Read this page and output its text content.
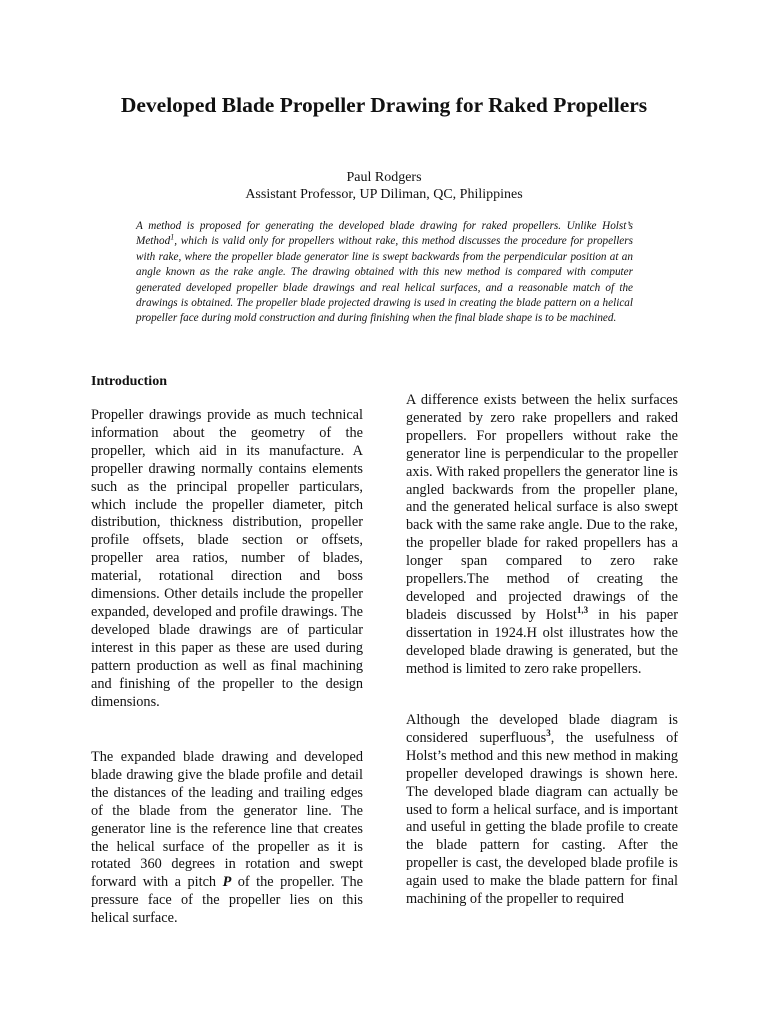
Developed Blade Propeller Drawing for Raked Propellers

Paul Rodgers

Assistant Professor, UP Diliman, QC, Philippines

A method is proposed for generating the developed blade drawing for raked propellers. Unlike Holst’s Method$^1$, which is valid only for propellers without rake, this method discusses the procedure for propellers with rake, where the propeller blade generator line is swept backwards from the perpendicular position at an angle known as the rake angle. The drawing obtained with this new method is compared with computer generated developed propeller blade drawings and real helical surfaces, and a reasonable match of the drawings is obtained. The propeller blade projected drawing is used in creating the blade pattern on a helical propeller face during mold construction and during finishing when the final blade shape is to be machined.

Introduction

Propeller drawings provide as much technical information about the geometry of the propeller, which aid in its manufacture. A propeller drawing normally contains elements such as the principal propeller particulars, which include the propeller diameter, pitch distribution, thickness distribution, propeller profile offsets, blade section or offsets, propeller area ratios, number of blades, material, rotational direction and boss dimensions. Other details include the propeller expanded, developed and profile drawings. The developed blade drawings are of particular interest in this paper as these are used during pattern production as well as final machining and finishing of the propeller to the design dimensions.

The expanded blade drawing and developed blade drawing give the blade profile and detail the distances of the leading and trailing edges of the blade from the generator line. The generator line is the reference line that creates the helical surface of the propeller as it is rotated 360 degrees in rotation and swept forward with a pitch P of the propeller. The pressure face of the propeller lies on this helical surface.

A difference exists between the helix surfaces generated by zero rake propellers and raked propellers. For propellers without rake the generator line is perpendicular to the propeller axis. With raked propellers the generator line is angled backwards from the propeller plane, and the generated helical surface is also swept back with the same rake angle. Due to the rake, the propeller blade for raked propellers has a longer span compared to zero rake propellers.The method of creating the developed and projected drawings of the bladeis discussed by Holst$^{1,3}$ in his paper dissertation in 1924.H olst illustrates how the developed blade drawing is generated, but the method is limited to zero rake propellers.

Although the developed blade diagram is considered superfluous$^3$, the usefulness of Holst’s method and this new method in making propeller developed drawings is shown here. The developed blade diagram can actually be used to form a helical surface, and is important and useful in getting the blade profile to create the blade pattern for casting. After the propeller is cast, the developed blade profile is again used to make the blade pattern for final machining of the propeller to required
